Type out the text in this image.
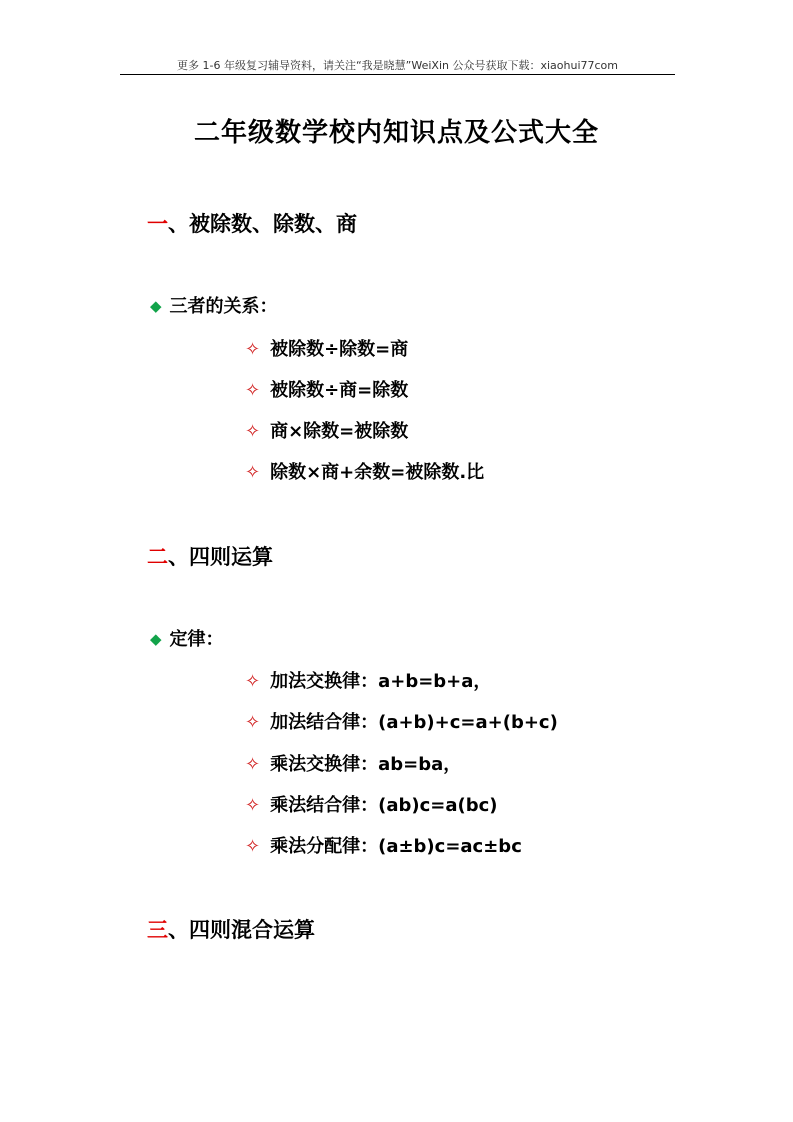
更多 1-6 年级复习辅导资料，请关注“我是晓慧”WeiXin 公众号获取下载：xiaohui77com
二年级数学校内知识点及公式大全
一、被除数、除数、商
◆ 三者的关系：
✧ 被除数÷除数=商
✧ 被除数÷商=除数
✧ 商×除数=被除数
✧ 除数×商+余数=被除数.比
二、四则运算
◆ 定律：
✧ 加法交换律：a+b=b+a，
✧ 加法结合律：(a+b)+c=a+(b+c)
✧ 乘法交换律：ab=ba，
✧ 乘法结合律：(ab)c=a(bc)
✧ 乘法分配律：(a±b)c=ac±bc
三、四则混合运算
